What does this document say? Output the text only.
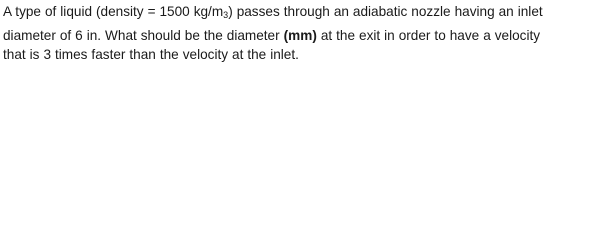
A type of liquid (density = 1500 $kg/m_3$) passes through an adiabatic nozzle having an inlet
diameter of 6 in. What should be the diameter (mm) at the exit in order to have a velocity
that is 3 times faster than the velocity at the inlet.
